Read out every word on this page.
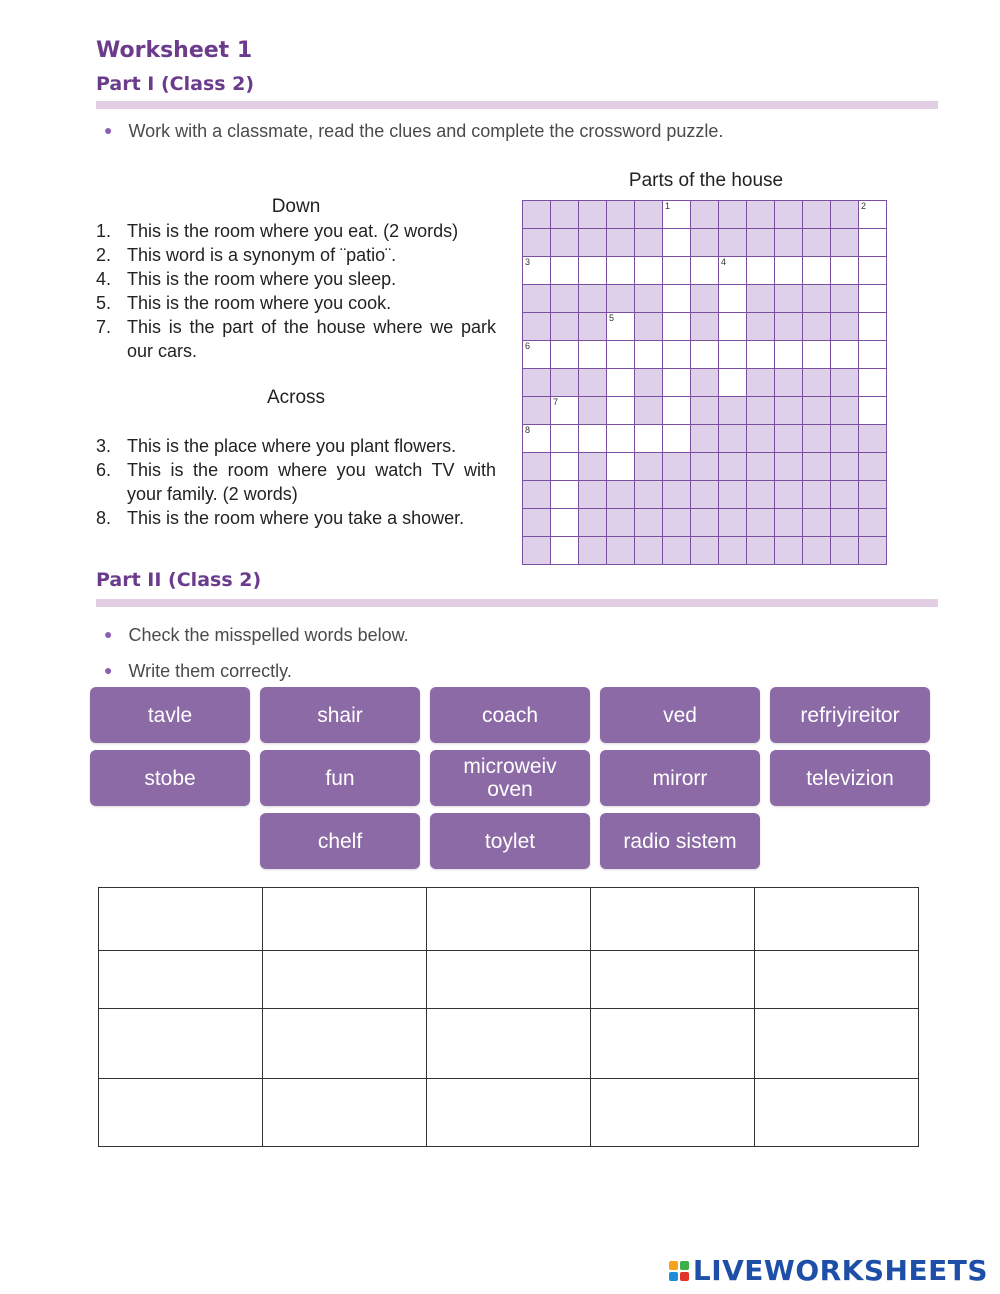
Worksheet 1
Part I (Class 2)
● Work with a classmate, read the clues and complete the crossword puzzle.
Down
1. This is the room where you eat. (2 words)
2. This word is a synonym of ¨patio¨.
4. This is the room where you sleep.
5. This is the room where you cook.
7. This is the part of the house where we park our cars.
Across
3. This is the place where you plant flowers.
6. This is the room where you watch TV with your family. (2 words)
8. This is the room where you take a shower.
Parts of the house
1	2
3	4
5
6
7
8
Part II (Class 2)
● Check the misspelled words below.
● Write them correctly.
tavle	shair	coach	ved	refriyireitor
stobe	fun	microweiv oven	mirorr	televizion
chelf	toylet	radio sistem

LIVEWORKSHEETS
